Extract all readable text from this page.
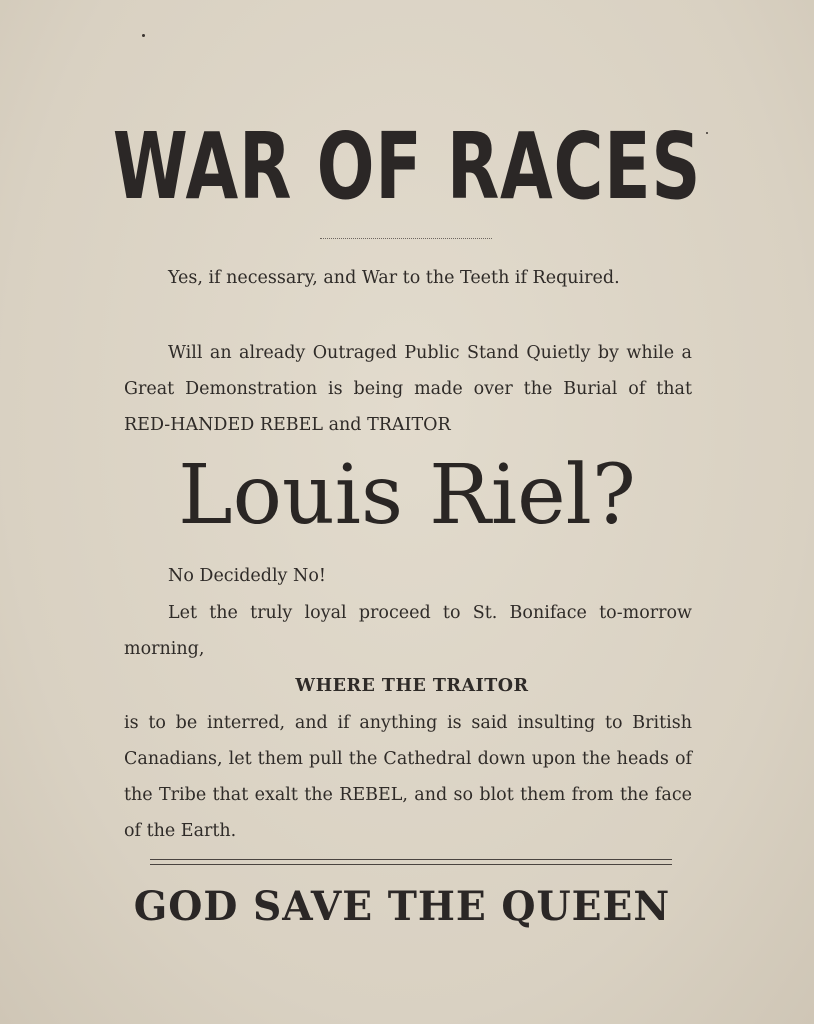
WAR OF RACES
Yes, if necessary, and War to the Teeth if Required.
Will an already Outraged Public Stand Quietly by while a Great Demonstration is being made over the Burial of that RED-HANDED REBEL and TRAITOR
Louis Riel?
No Decidedly No!
Let the truly loyal proceed to St. Boniface to-morrow morning,
WHERE THE TRAITOR
is to be interred, and if anything is said insulting to British Canadians, let them pull the Cathedral down upon the heads of the Tribe that exalt the REBEL, and so blot them from the face of the Earth.
GOD SAVE THE QUEEN
